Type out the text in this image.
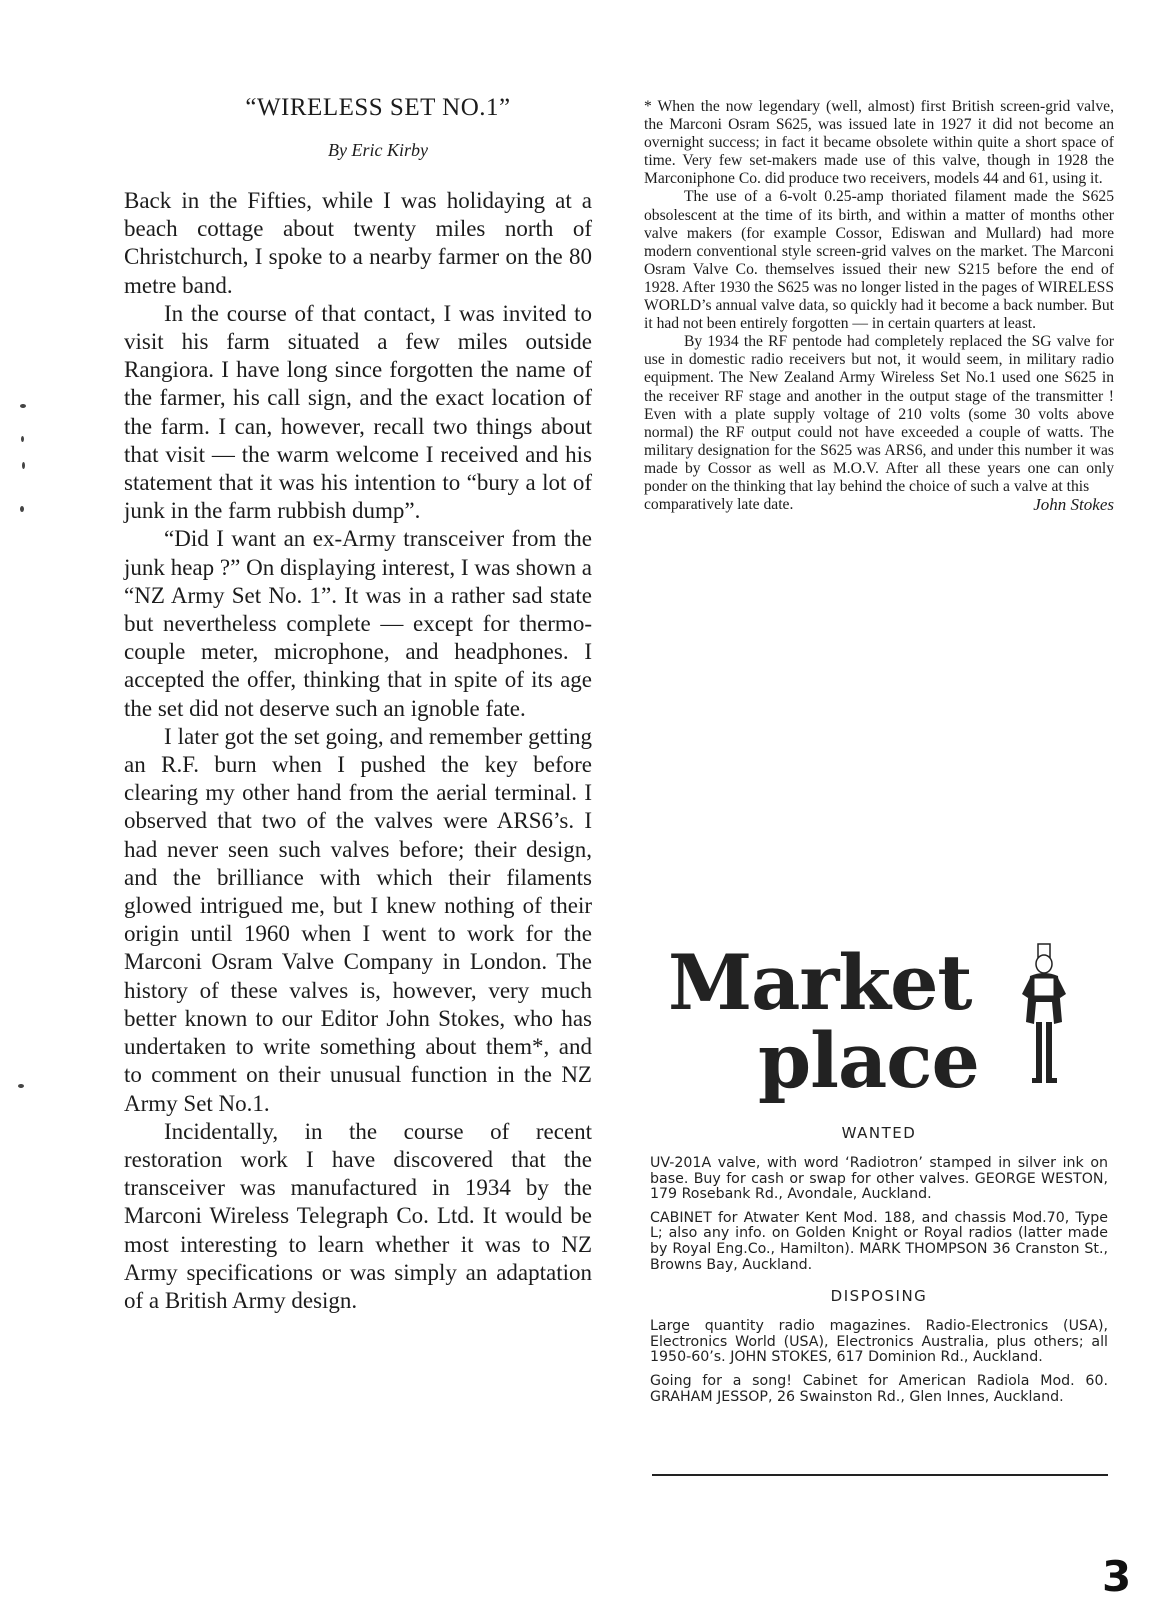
“WIRELESS SET NO.1”
By Eric Kirby

Back in the Fifties, while I was holidaying at a beach cottage about twenty miles north of Christchurch, I spoke to a nearby farmer on the 80 metre band.

In the course of that contact, I was invited to visit his farm situated a few miles outside Rangiora. I have long since forgotten the name of the farmer, his call sign, and the exact location of the farm. I can, however, recall two things about that visit — the warm welcome I received and his statement that it was his intention to “bury a lot of junk in the farm rubbish dump”.

“Did I want an ex-Army transceiver from the junk heap ?” On displaying interest, I was shown a “NZ Army Set No. 1”. It was in a rather sad state but nevertheless complete — except for thermocouple meter, microphone, and headphones. I accepted the offer, thinking that in spite of its age the set did not deserve such an ignoble fate.

I later got the set going, and remember getting an R.F. burn when I pushed the key before clearing my other hand from the aerial terminal. I observed that two of the valves were ARS6’s. I had never seen such valves before; their design, and the brilliance with which their filaments glowed intrigued me, but I knew nothing of their origin until 1960 when I went to work for the Marconi Osram Valve Company in London. The history of these valves is, however, very much better known to our Editor John Stokes, who has undertaken to write something about them*, and to comment on their unusual function in the NZ Army Set No.1.

Incidentally, in the course of recent restoration work I have discovered that the transceiver was manufactured in 1934 by the Marconi Wireless Telegraph Co. Ltd. It would be most interesting to learn whether it was to NZ Army specifications or was simply an adaptation of a British Army design.

* When the now legendary (well, almost) first British screen-grid valve, the Marconi Osram S625, was issued late in 1927 it did not become an overnight success; in fact it became obsolete within quite a short space of time. Very few set-makers made use of this valve, though in 1928 the Marconiphone Co. did produce two receivers, models 44 and 61, using it.

The use of a 6-volt 0.25-amp thoriated filament made the S625 obsolescent at the time of its birth, and within a matter of months other valve makers (for example Cossor, Ediswan and Mullard) had more modern conventional style screen-grid valves on the market. The Marconi Osram Valve Co. themselves issued their new S215 before the end of 1928. After 1930 the S625 was no longer listed in the pages of WIRELESS WORLD’s annual valve data, so quickly had it become a back number. But it had not been entirely forgotten — in certain quarters at least.

By 1934 the RF pentode had completely replaced the SG valve for use in domestic radio receivers but not, it would seem, in military radio equipment. The New Zealand Army Wireless Set No.1 used one S625 in the receiver RF stage and another in the output stage of the transmitter ! Even with a plate supply voltage of 210 volts (some 30 volts above normal) the RF output could not have exceeded a couple of watts. The military designation for the S625 was ARS6, and under this number it was made by Cossor as well as M.O.V. After all these years one can only ponder on the thinking that lay behind the choice of such a valve at this

comparatively late date.	John Stokes
Market
place
WANTED
UV-201A valve, with word ‘Radiotron’ stamped in silver ink on base. Buy for cash or swap for other valves. GEORGE WESTON, 179 Rosebank Rd., Avondale, Auckland.
CABINET for Atwater Kent Mod. 188, and chassis Mod.70, Type L; also any info. on Golden Knight or Royal radios (latter made by Royal Eng.Co., Hamilton). MARK THOMPSON 36 Cranston St., Browns Bay, Auckland.
DISPOSING
Large quantity radio magazines. Radio-Electronics (USA), Electronics World (USA), Electronics Australia, plus others; all 1950-60’s. JOHN STOKES, 617 Dominion Rd., Auckland.
Going for a song! Cabinet for American Radiola Mod. 60. GRAHAM JESSOP, 26 Swainston Rd., Glen Innes, Auckland.
3
